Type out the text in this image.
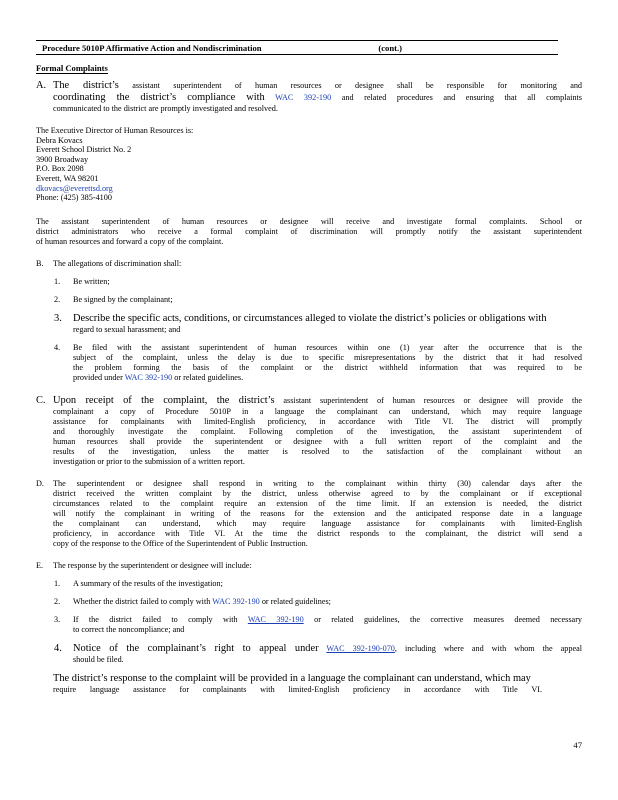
Procedure 5010P Affirmative Action and Nondiscrimination	(cont.)
Formal Complaints
A. The district’s assistant superintendent of human resources or designee shall be responsible for monitoring and
coordinating the district’s compliance with WAC 392-190 and related procedures and ensuring that all complaints
communicated to the district are promptly investigated and resolved.
The Executive Director of Human Resources is:
Debra Kovacs
Everett School District No. 2
3900 Broadway
P.O. Box 2098
Everett, WA 98201
dkovacs@everettsd.org
Phone: (425) 385-4100
The assistant superintendent of human resources or designee will receive and investigate formal complaints. School or
district administrators who receive a formal complaint of discrimination will promptly notify the assistant superintendent
of human resources and forward a copy of the complaint.
B.	The allegations of discrimination shall:
1.	Be written;
2.	Be signed by the complainant;
3.	Describe the specific acts, conditions, or circumstances alleged to violate the district’s policies or obligations with
regard to sexual harassment; and
4.	Be filed with the assistant superintendent of human resources within one (1) year after the occurrence that is the
subject of the complaint, unless the delay is due to specific misrepresentations by the district that it had resolved
the problem forming the basis of the complaint or the district withheld information that was required to be
provided under WAC 392-190 or related guidelines.
C. Upon receipt of the complaint, the district’s assistant superintendent of human resources or designee will provide the
complainant a copy of Procedure 5010P in a language the complainant can understand, which may require language
assistance for complainants with limited-English proficiency, in accordance with Title VI. The district will promptly
and thoroughly investigate the complaint. Following completion of the investigation, the assistant superintendent of
human resources shall provide the superintendent or designee with a full written report of the complaint and the
results of the investigation, unless the matter is resolved to the satisfaction of the complainant without an
investigation or prior to the submission of a written report.
D.	The superintendent or designee shall respond in writing to the complainant within thirty (30) calendar days after the
district received the written complaint by the district, unless otherwise agreed to by the complainant or if exceptional
circumstances related to the complaint require an extension of the time limit. If an extension is needed, the district
will notify the complainant in writing of the reasons for the extension and the anticipated response date in a language
the complainant can understand, which may require language assistance for complainants with limited-English
proficiency, in accordance with Title VI. At the time the district responds to the complainant, the district will send a
copy of the response to the Office of the Superintendent of Public Instruction.
E.	The response by the superintendent or designee will include:
1.	A summary of the results of the investigation;
2.	Whether the district failed to comply with WAC 392-190 or related guidelines;
3.	If the district failed to comply with WAC 392-190 or related guidelines, the corrective measures deemed necessary
to correct the noncompliance; and
4.	Notice of the complainant’s right to appeal under WAC 392-190-070, including where and with whom the appeal
should be filed.
The district’s response to the complaint will be provided in a language the complainant can understand, which may
require language assistance for complainants with limited-English proficiency in accordance with Title VI.
47
